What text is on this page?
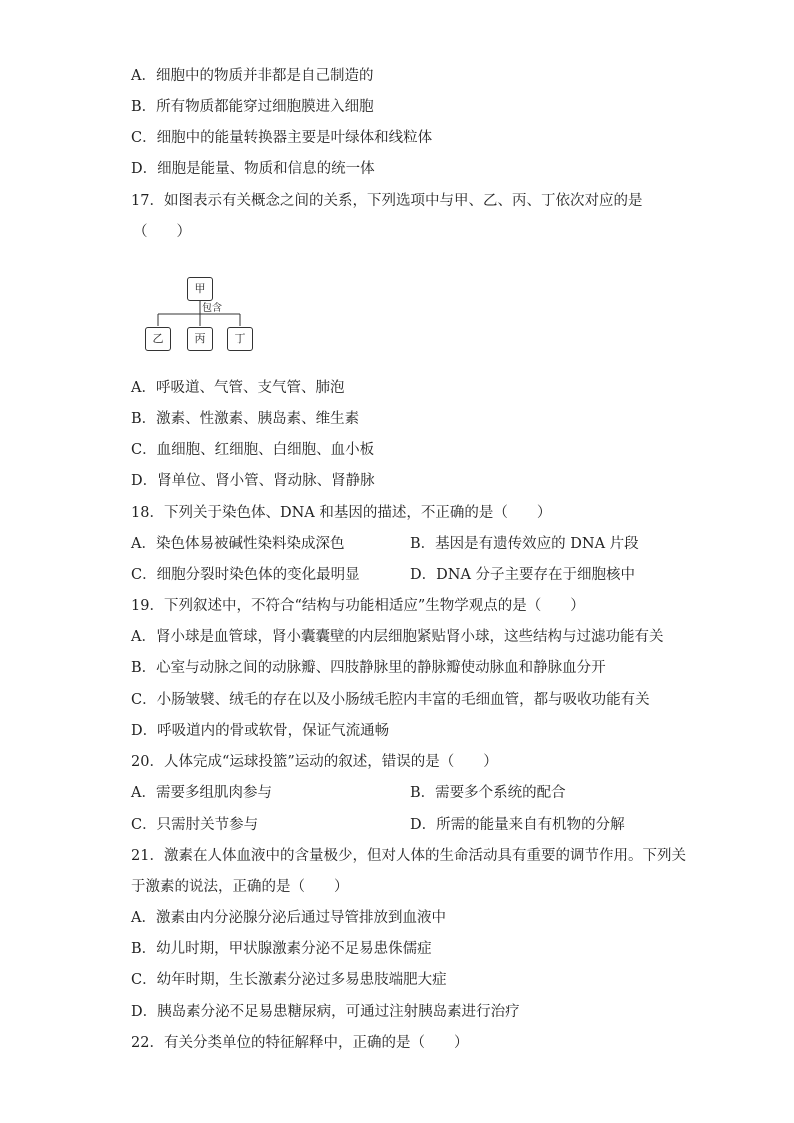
A．细胞中的物质并非都是自己制造的
B．所有物质都能穿过细胞膜进入细胞
C．细胞中的能量转换器主要是叶绿体和线粒体
D．细胞是能量、物质和信息的统一体
17．如图表示有关概念之间的关系，下列选项中与甲、乙、丙、丁依次对应的是
（　　）
甲
包含
乙	丙	丁
A．呼吸道、气管、支气管、肺泡
B．激素、性激素、胰岛素、维生素
C．血细胞、红细胞、白细胞、血小板
D．肾单位、肾小管、肾动脉、肾静脉
18．下列关于染色体、DNA 和基因的描述，不正确的是（　　）
A．染色体易被碱性染料染成深色	B．基因是有遗传效应的 DNA 片段
C．细胞分裂时染色体的变化最明显	D．DNA 分子主要存在于细胞核中
19．下列叙述中，不符合“结构与功能相适应”生物学观点的是（　　）
A．肾小球是血管球，肾小囊囊壁的内层细胞紧贴肾小球，这些结构与过滤功能有关
B．心室与动脉之间的动脉瓣、四肢静脉里的静脉瓣使动脉血和静脉血分开
C．小肠皱襞、绒毛的存在以及小肠绒毛腔内丰富的毛细血管，都与吸收功能有关
D．呼吸道内的骨或软骨，保证气流通畅
20．人体完成“运球投篮”运动的叙述，错误的是（　　）
A．需要多组肌肉参与	B．需要多个系统的配合
C．只需肘关节参与	D．所需的能量来自有机物的分解
21．激素在人体血液中的含量极少，但对人体的生命活动具有重要的调节作用。下列关
于激素的说法，正确的是（　　）
A．激素由内分泌腺分泌后通过导管排放到血液中
B．幼儿时期，甲状腺激素分泌不足易患侏儒症
C．幼年时期，生长激素分泌过多易患肢端肥大症
D．胰岛素分泌不足易患糖尿病，可通过注射胰岛素进行治疗
22．有关分类单位的特征解释中，正确的是（　　）
